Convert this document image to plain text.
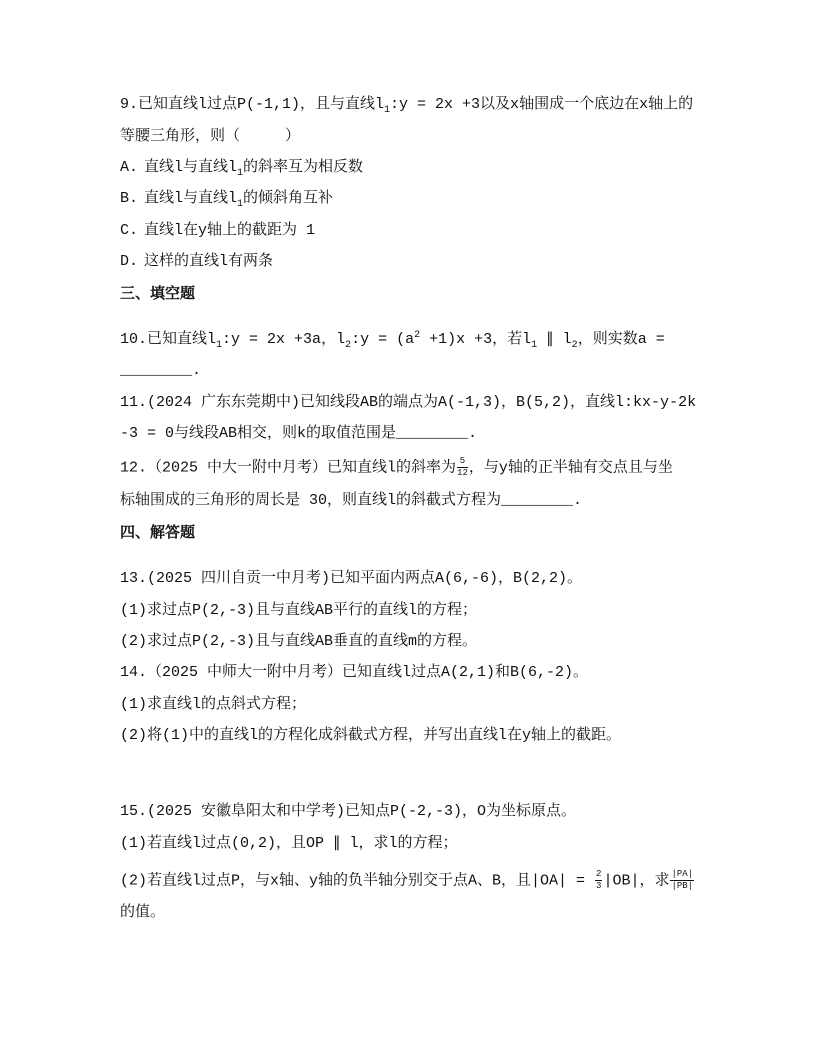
9.已知直线l过点P(-1,1)，且与直线$l_1:y = 2x +3$以及x轴围成一个底边在x轴上的
等腰三角形，则（     ）
A. 直线l与直线$l_1$的斜率互为相反数
B. 直线l与直线$l_1$的倾斜角互补
C. 直线l在y轴上的截距为 1
D. 这样的直线l有两条
三、填空题
10.已知直线$l_1:y = 2x +3a$，$l_2:y = (a^2 +1)x +3$，若$l_1$ ∥ $l_2$，则实数a =
________.
11.(2024 广东东莞期中)已知线段AB的端点为A(-1,3)，B(5,2)，直线l:kx-y-2k
-3 = 0与线段AB相交，则k的取值范围是________.
12.（2025 中大一附中月考）已知直线l的斜率为 $\frac{5}{12}$ ，与y轴的正半轴有交点且与坐
标轴围成的三角形的周长是 30，则直线l的斜截式方程为________.
四、解答题
13.(2025 四川自贡一中月考)已知平面内两点A(6,-6)，B(2,2)。
(1)求过点P(2,-3)且与直线AB平行的直线l的方程；
(2)求过点P(2,-3)且与直线AB垂直的直线m的方程。
14.（2025 中师大一附中月考）已知直线l过点A(2,1)和B(6,-2)。
(1)求直线l的点斜式方程；
(2)将(1)中的直线l的方程化成斜截式方程，并写出直线l在y轴上的截距。
15.(2025 安徽阜阳太和中学考)已知点P(-2,-3)，O为坐标原点。
(1)若直线l过点(0,2)，且OP ∥ l，求l的方程；
(2)若直线l过点P，与x轴、y轴的负半轴分别交于点A、B，且$|OA| = \frac{2}{3} |OB|$，求 $\frac{|PA|}{|PB|}$
的值。
